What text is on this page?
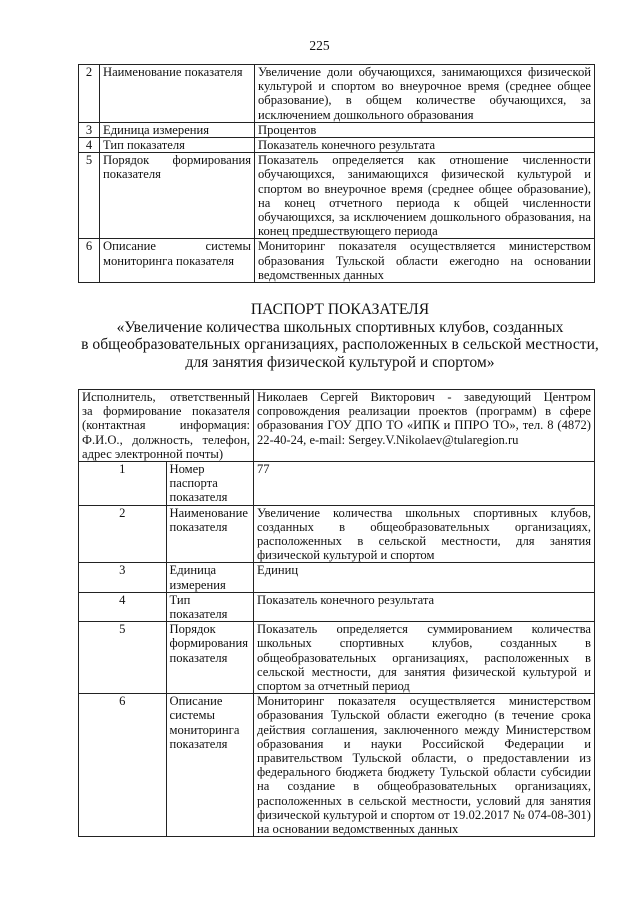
225
2	Наименование показателя	Увеличение доли обучающихся, занимающихся физической культурой и спортом во внеурочное время (среднее общее образование), в общем количестве обучающихся, за исключением дошкольного образования
3	Единица измерения	Процентов
4	Тип показателя	Показатель конечного результата
5	Порядок формирования показателя	Показатель определяется как отношение численности обучающихся, занимающихся физической культурой и спортом во внеурочное время (среднее общее образование), на конец отчетного периода к общей численности обучающихся, за исключением дошкольного образования, на конец предшествующего периода
6	Описание системы мониторинга показателя	Мониторинг показателя осуществляется министерством образования Тульской области ежегодно на основании ведомственных данных
ПАСПОРТ ПОКАЗАТЕЛЯ
«Увеличение количества школьных спортивных клубов, созданных
в общеобразовательных организациях, расположенных в сельской местности,
для занятия физической культурой и спортом»
Исполнитель, ответственный за формирование показателя (контактная информация: Ф.И.О., должность, телефон, адрес электронной почты)		Николаев Сергей Викторович - заведующий Центром сопровождения реализации проектов (программ) в сфере образования ГОУ ДПО ТО «ИПК и ППРО ТО», тел. 8 (4872) 22-40-24, e-mail: Sergey.V.Nikolaev@tularegion.ru
1	Номер паспорта показателя	77
2	Наименование показателя	Увеличение количества школьных спортивных клубов, созданных в общеобразовательных организациях, расположенных в сельской местности, для занятия физической культурой и спортом
3	Единица измерения	Единиц
4	Тип показателя	Показатель конечного результата
5	Порядок формирования показателя	Показатель определяется суммированием количества школьных спортивных клубов, созданных в общеобразовательных организациях, расположенных в сельской местности, для занятия физической культурой и спортом за отчетный период
6	Описание системы мониторинга показателя	Мониторинг показателя осуществляется министерством образования Тульской области ежегодно (в течение срока действия соглашения, заключенного между Министерством образования и науки Российской Федерации и правительством Тульской области, о предоставлении из федерального бюджета бюджету Тульской области субсидии на создание в общеобразовательных организациях, расположенных в сельской местности, условий для занятия физической культурой и спортом от 19.02.2017 № 074-08-301) на основании ведомственных данных
